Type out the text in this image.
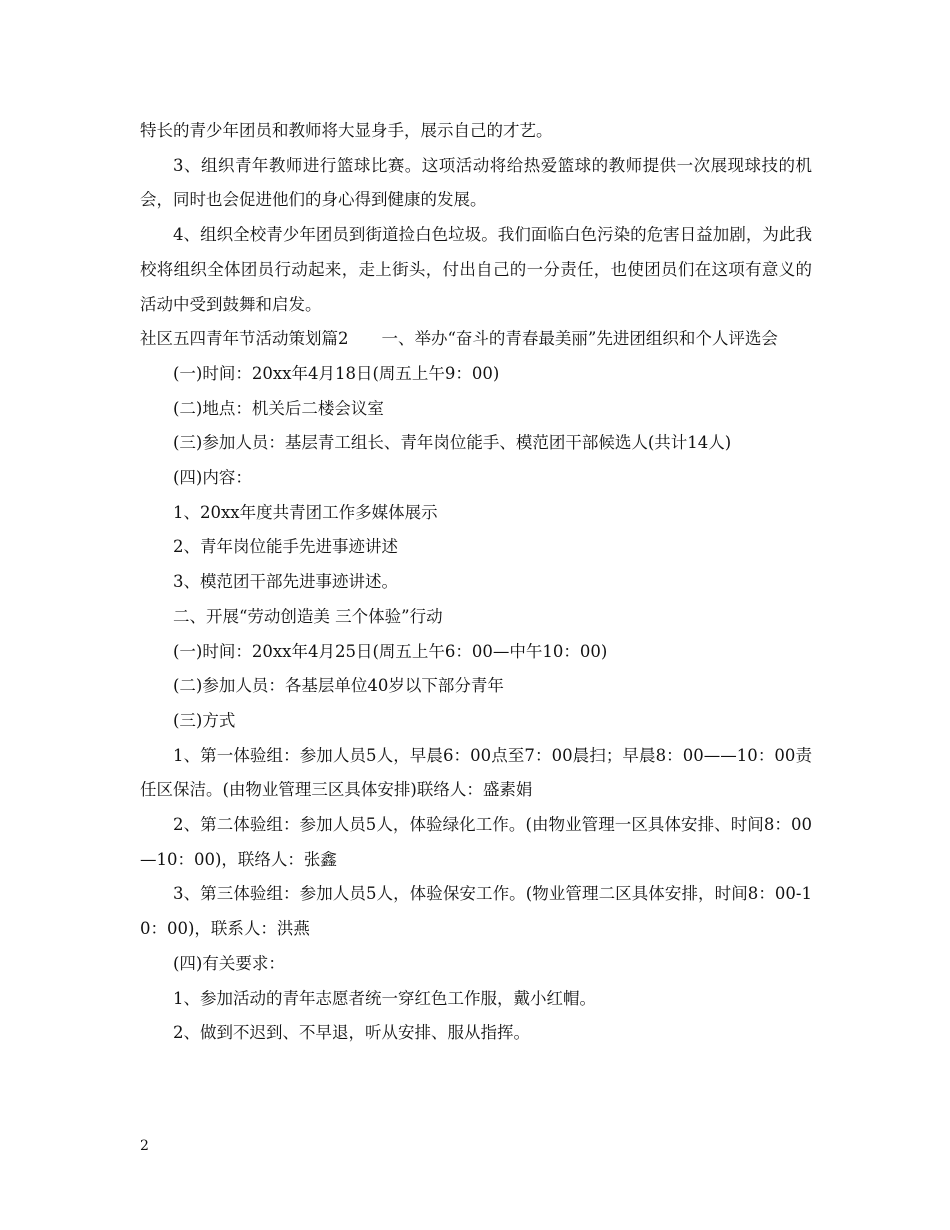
特长的青少年团员和教师将大显身手，展示自己的才艺。

3、组织青年教师进行篮球比赛。这项活动将给热爱篮球的教师提供一次展现球技的机会，同时也会促进他们的身心得到健康的发展。

4、组织全校青少年团员到街道捡白色垃圾。我们面临白色污染的危害日益加剧，为此我校将组织全体团员行动起来，走上街头，付出自己的一分责任，也使团员们在这项有意义的活动中受到鼓舞和启发。

社区五四青年节活动策划篇2　　一、举办“奋斗的青春最美丽”先进团组织和个人评选会

(一)时间：20xx年4月18日(周五上午9：00)

(二)地点：机关后二楼会议室

(三)参加人员：基层青工组长、青年岗位能手、模范团干部候选人(共计14人)

(四)内容：

1、20xx年度共青团工作多媒体展示

2、青年岗位能手先进事迹讲述

3、模范团干部先进事迹讲述。

二、开展“劳动创造美 三个体验”行动

(一)时间：20xx年4月25日(周五上午6：00—中午10：00)

(二)参加人员：各基层单位40岁以下部分青年

(三)方式

1、第一体验组：参加人员5人，早晨6：00点至7：00晨扫；早晨8：00——10：00责任区保洁。(由物业管理三区具体安排)联络人：盛素娟

2、第二体验组：参加人员5人，体验绿化工作。(由物业管理一区具体安排、时间8：00—10：00)，联络人：张鑫

3、第三体验组：参加人员5人，体验保安工作。(物业管理二区具体安排，时间8：00-10：00)，联系人：洪燕

(四)有关要求：

1、参加活动的青年志愿者统一穿红色工作服，戴小红帽。

2、做到不迟到、不早退，听从安排、服从指挥。

2
